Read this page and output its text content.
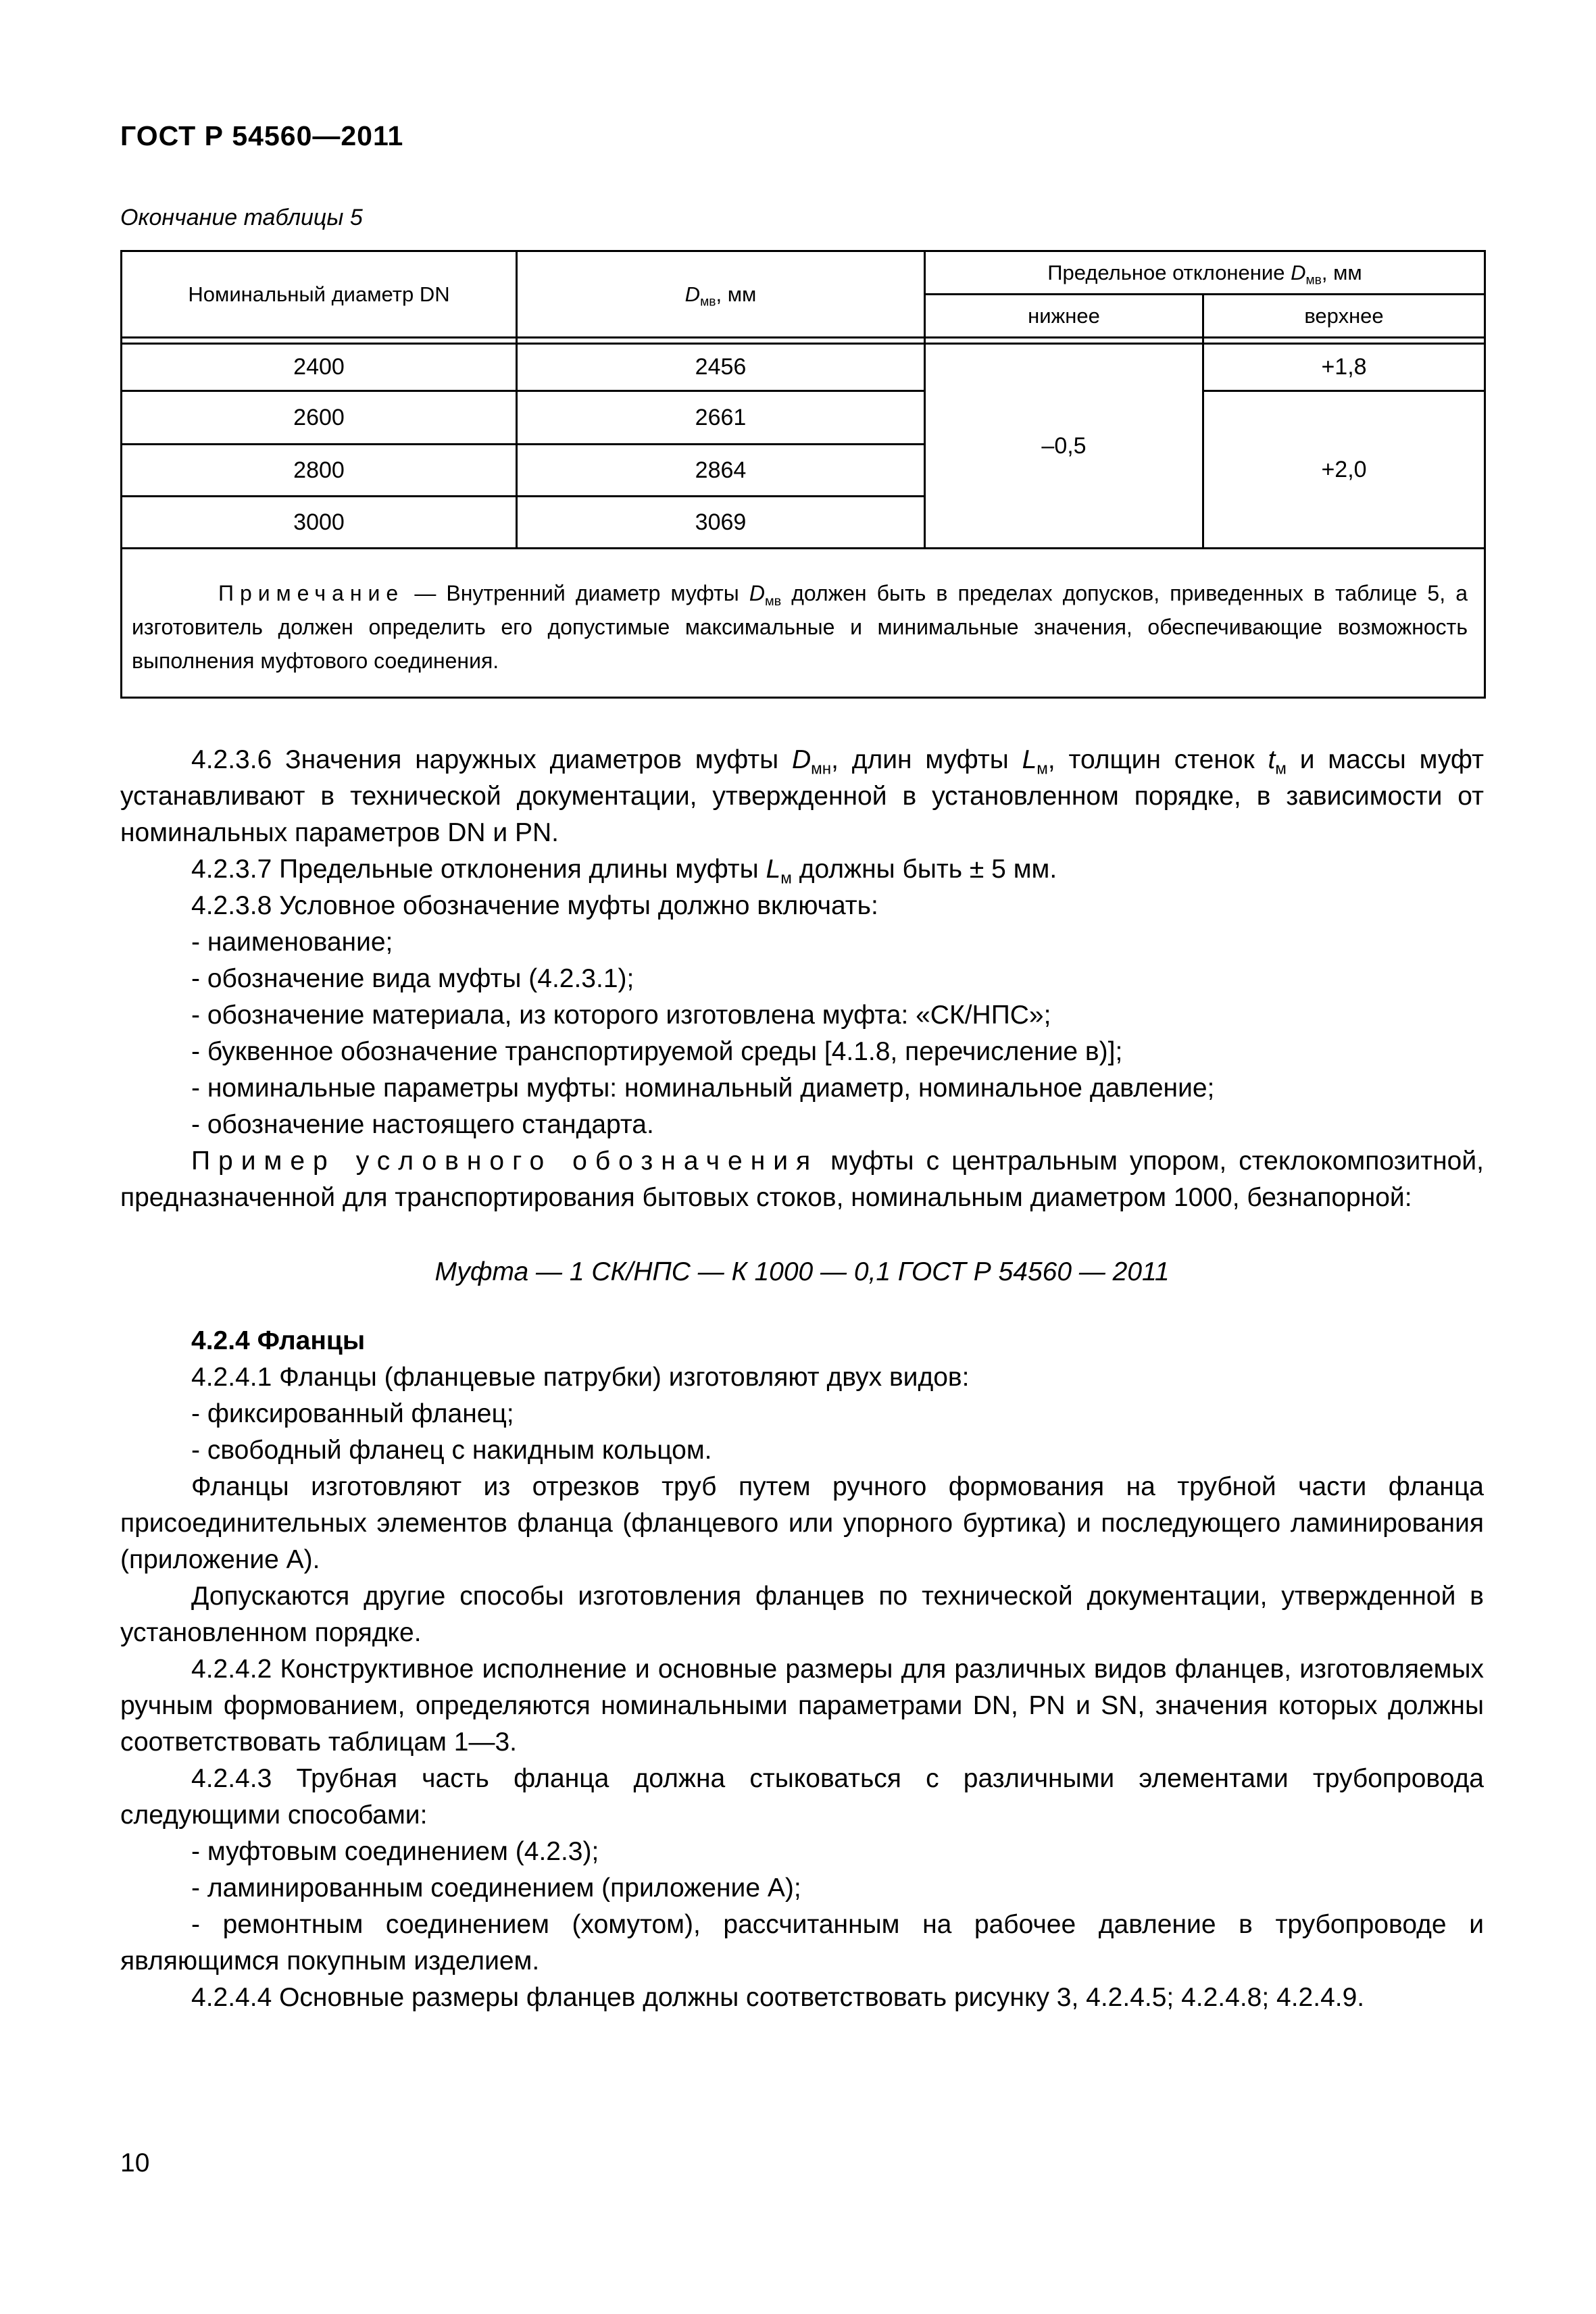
ГОСТ Р 54560—2011
Окончание таблицы 5
Номинальный диаметр DN	$D_{мв}$, мм	Предельное отклонение $D_{мв}$, мм	
		нижнее	верхнее

2400	2456	–0,5	+1,8
2600	2661		+2,0
2800	2864		
3000	3069		
Примечание — Внутренний диаметр муфты $D_{мв}$ должен быть в пределах допусков, приведенных в таблице 5, а изготовитель должен определить его допустимые максимальные и минимальные значения, обеспечивающие возможность выполнения муфтового соединения.			

4.2.3.6 Значения наружных диаметров муфты $D_{мн}$, длин муфты $L_м$, толщин стенок $t_м$ и массы муфт устанавливают в технической документации, утвержденной в установленном порядке, в зависимости от номинальных параметров DN и PN.

4.2.3.7 Предельные отклонения длины муфты $L_м$ должны быть ± 5 мм.

4.2.3.8 Условное обозначение муфты должно включать:

- наименование;

- обозначение вида муфты (4.2.3.1);

- обозначение материала, из которого изготовлена муфта: «СК/НПС»;

- буквенное обозначение транспортируемой среды [4.1.8, перечисление в)];

- номинальные параметры муфты: номинальный диаметр, номинальное давление;

- обозначение настоящего стандарта.

Пример условного обозначения муфты с центральным упором, стеклокомпозитной, предназначенной для транспортирования бытовых стоков, номинальным диаметром 1000, безнапорной:

Муфта — 1 СК/НПС — К 1000 — 0,1 ГОСТ Р 54560 — 2011

4.2.4 Фланцы

4.2.4.1 Фланцы (фланцевые патрубки) изготовляют двух видов:

- фиксированный фланец;

- свободный фланец с накидным кольцом.

Фланцы изготовляют из отрезков труб путем ручного формования на трубной части фланца присоединительных элементов фланца (фланцевого или упорного буртика) и последующего ламинирования (приложение А).

Допускаются другие способы изготовления фланцев по технической документации, утвержденной в установленном порядке.

4.2.4.2 Конструктивное исполнение и основные размеры для различных видов фланцев, изготовляемых ручным формованием, определяются номинальными параметрами DN, PN и SN, значения которых должны соответствовать таблицам 1—3.

4.2.4.3 Трубная часть фланца должна стыковаться с различными элементами трубопровода следующими способами:

- муфтовым соединением (4.2.3);

- ламинированным соединением (приложение А);

- ремонтным соединением (хомутом), рассчитанным на рабочее давление в трубопроводе и являющимся покупным изделием.

4.2.4.4 Основные размеры фланцев должны соответствовать рисунку 3, 4.2.4.5; 4.2.4.8; 4.2.4.9.

10
